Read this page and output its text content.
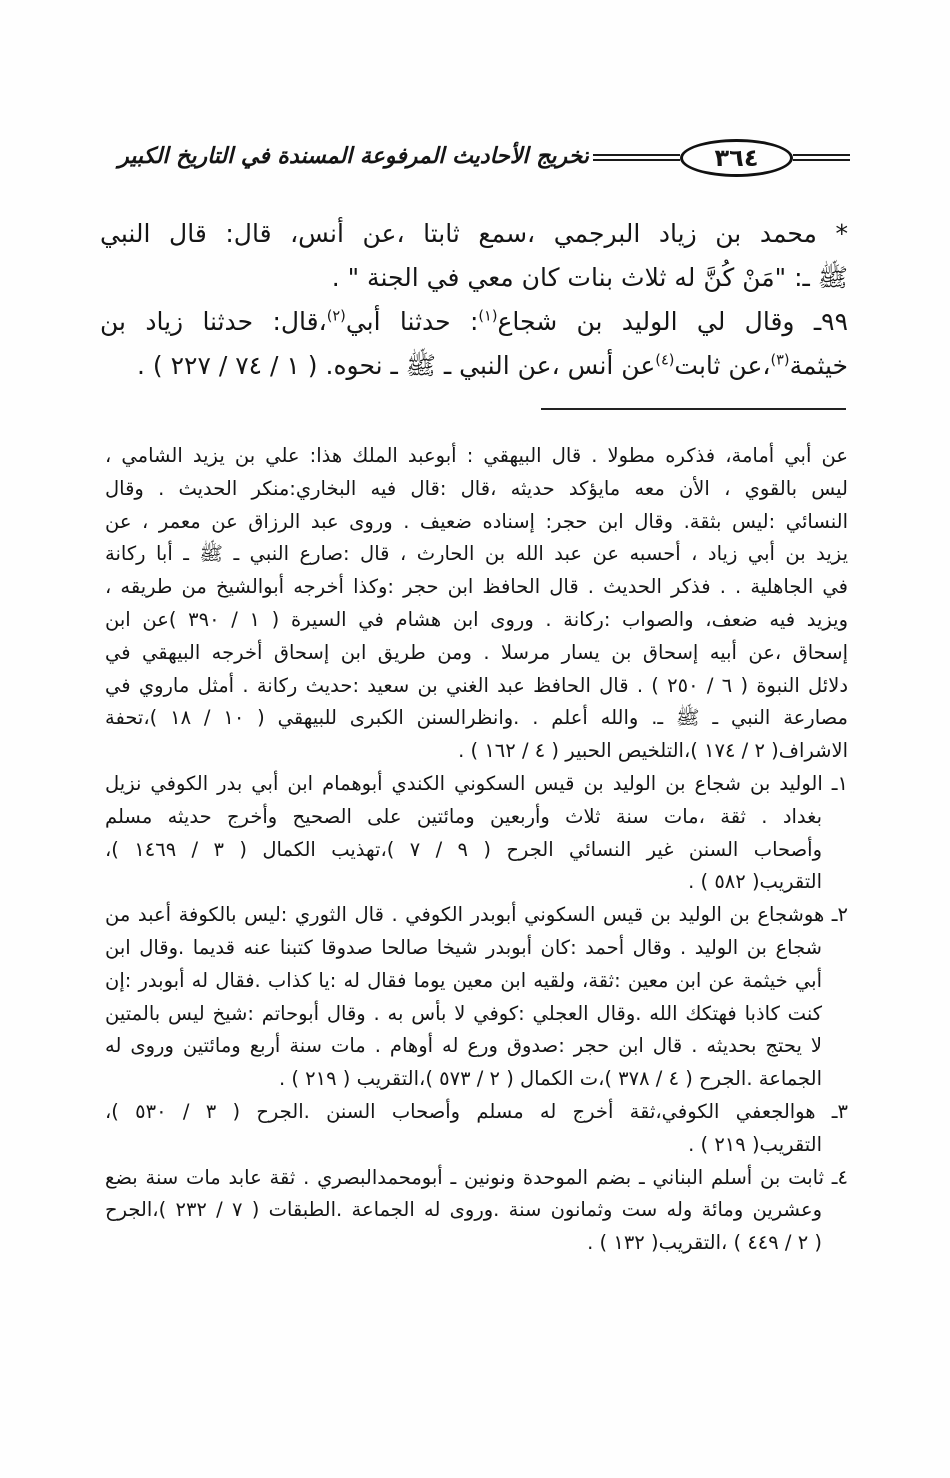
٣٦٤
تخريج الأحاديث المرفوعة المسندة في التاريخ الكبير
* محمد بن زياد البرجمي ،سمع ثابتا ،عن أنس، قال: قال النبي
ﷺ ـ: "مَنْ كُنَّ له ثلاث بنات كان معي في الجنة " .
٩٩ـ وقال لي الوليد بن شجاع$^{(١)}$: حدثنا أبي$^{(٢)}$،قال: حدثنا زياد بن
خيثمة$^{(٣)}$،عن ثابت$^{(٤)}$عن أنس ،عن النبي ـ ﷺ ـ نحوه. ( ١ / ٧٤ / ٢٢٧ ) .
عن أبي أمامة، فذكره مطولا . قال البيهقي : أبوعبد الملك هذا: علي بن يزيد الشامي ،
ليس بالقوي ، الأن معه مايؤكد حديثه ،قال :قال فيه البخاري:منكر الحديث . وقال
النسائي :ليس بثقة. وقال ابن حجر: إسناده ضعيف . وروى عبد الرزاق عن معمر ، عن
يزيد بن أبي زياد ، أحسبه عن عبد الله بن الحارث ، قال :صارع النبي ـ ﷺ ـ أبا ركانة
في الجاهلية . . فذكر الحديث . قال الحافظ ابن حجر :وكذا أخرجه أبوالشيخ من طريقه ،
ويزيد فيه ضعف، والصواب :ركانة . وروى ابن هشام في السيرة ( ١ / ٣٩٠ )عن ابن
إسحاق ،عن أبيه إسحاق بن يسار مرسلا . ومن طريق ابن إسحاق أخرجه البيهقي في
دلائل النبوة ( ٦ / ٢٥٠ ) . قال الحافظ عبد الغني بن سعيد :حديث ركانة . أمثل ماروي في
مصارعة النبي ـ ﷺ ـ. والله أعلم . .وانظرالسنن الكبرى للبيهقي ( ١٠ / ١٨ )،تحفة
الاشراف( ٢ / ١٧٤ )،التلخيص الحبير ( ٤ / ١٦٢ ) .
١ـ الوليد بن شجاع بن الوليد بن قيس السكوني الكندي أبوهمام ابن أبي بدر الكوفي نزيل
بغداد . ثقة ،مات سنة ثلاث وأربعين ومائتين على الصحيح وأخرج حديثه مسلم
وأصحاب السنن غير النسائي الجرح ( ٩ / ٧ )،تهذيب الكمال ( ٣ / ١٤٦٩ )،
التقريب( ٥٨٢ ) .
٢ـ هوشجاع بن الوليد بن قيس السكوني أبوبدر الكوفي . قال الثوري :ليس بالكوفة أعبد من
شجاع بن الوليد . وقال أحمد :كان أبوبدر شيخا صالحا صدوقا كتبنا عنه قديما .وقال ابن
أبي خيثمة عن ابن معين :ثقة، ولقيه ابن معين يوما فقال له :يا كذاب .فقال له أبوبدر :إن
كنت كاذبا فهتكك الله .وقال العجلي :كوفي لا بأس به . وقال أبوحاتم :شيخ ليس بالمتين
لا يحتج بحديثه . قال ابن حجر :صدوق ورع له أوهام . مات سنة أربع ومائتين وروى له
الجماعة .الجرح ( ٤ / ٣٧٨ )،ت الكمال ( ٢ / ٥٧٣ )،التقريب ( ٢١٩ ) .
٣ـ هوالجعفي الكوفي،ثقة أخرج له مسلم وأصحاب السنن .الجرح ( ٣ / ٥٣٠ )،
التقريب( ٢١٩ ) .
٤ـ ثابت بن أسلم البناني ـ بضم الموحدة ونونين ـ أبومحمدالبصري . ثقة عابد مات سنة بضع
وعشرين ومائة وله ست وثمانون سنة .وروى له الجماعة .الطبقات ( ٧ / ٢٣٢ )،الجرح
( ٢ / ٤٤٩ ) ،التقريب( ١٣٢ ) .
